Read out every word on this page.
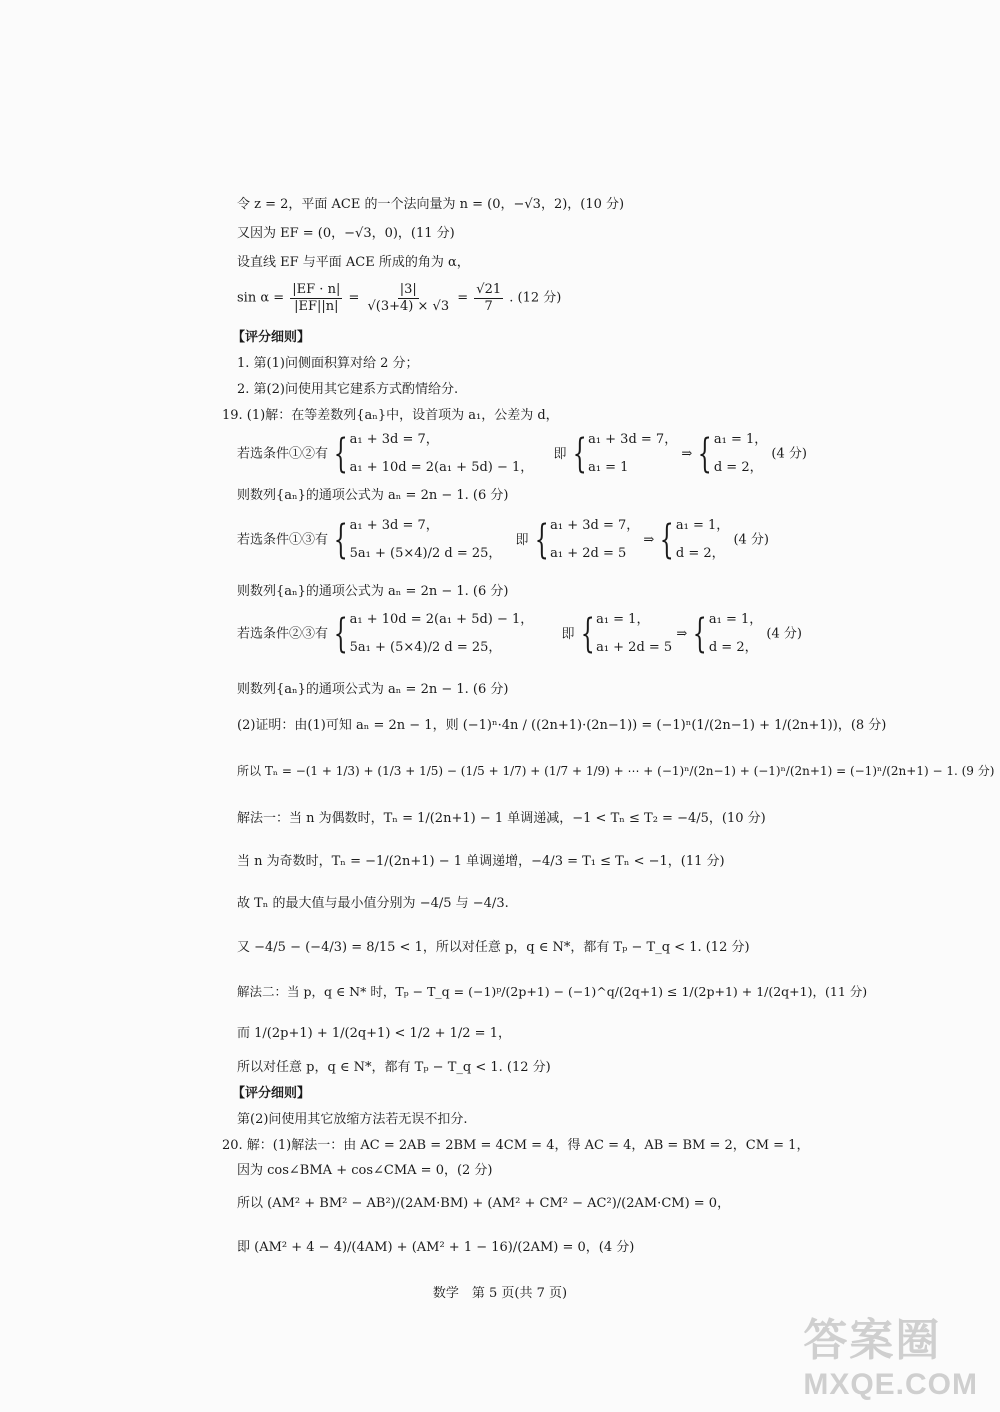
令 z = 2，平面 ACE 的一个法向量为 n = (0，−√3，2)，(10 分)
又因为 EF = (0，−√3，0)，(11 分)
设直线 EF 与平面 ACE 所成的角为 α，
$\sin \alpha = \frac{|EF \cdot n|}{|EF||n|} = \frac{|3|}{√(3+4) \times √3} = \frac{√21}{7}$ . (12 分)
【评分细则】
1. 第(1)问侧面积算对给 2 分；
2. 第(2)问使用其它建系方式酌情给分.
19. (1)解：在等差数列{aₙ}中，设首项为 a₁，公差为 d，
若选条件①②有 { a₁ + 3d = 7，
a₁ + 10d = 2(a₁ + 5d) − 1，
即 { a₁ + 3d = 7，
a₁ = 1
⇒ { a₁ = 1，
d = 2，
(4 分)
则数列{aₙ}的通项公式为 aₙ = 2n − 1. (6 分)
若选条件①③有 { a₁ + 3d = 7，
5a₁ + (5×4)/2 d = 25，
即 { a₁ + 3d = 7，
a₁ + 2d = 5
⇒ { a₁ = 1，
d = 2，
(4 分)
则数列{aₙ}的通项公式为 aₙ = 2n − 1. (6 分)
若选条件②③有 { a₁ + 10d = 2(a₁ + 5d) − 1，
5a₁ + (5×4)/2 d = 25，
即 { a₁ = 1，
a₁ + 2d = 5
⇒ { a₁ = 1，
d = 2，
(4 分)
则数列{aₙ}的通项公式为 aₙ = 2n − 1. (6 分)
(2)证明：由(1)可知 aₙ = 2n − 1，则 (−1)ⁿ·4n / ((2n+1)·(2n−1)) = (−1)ⁿ(1/(2n−1) + 1/(2n+1))，(8 分)
所以 Tₙ = −(1 + 1/3) + (1/3 + 1/5) − (1/5 + 1/7) + (1/7 + 1/9) + ⋯ + (−1)ⁿ/(2n−1) + (−1)ⁿ/(2n+1) = (−1)ⁿ/(2n+1) − 1. (9 分)
解法一：当 n 为偶数时，Tₙ = 1/(2n+1) − 1 单调递减，−1 < Tₙ ≤ T₂ = −4/5，(10 分)
当 n 为奇数时，Tₙ = −1/(2n+1) − 1 单调递增，−4/3 = T₁ ≤ Tₙ < −1，(11 分)
故 Tₙ 的最大值与最小值分别为 −4/5 与 −4/3.
又 −4/5 − (−4/3) = 8/15 < 1，所以对任意 p，q ∈ N*，都有 Tₚ − T_q < 1. (12 分)
解法二：当 p，q ∈ N* 时，Tₚ − T_q = (−1)ᵖ/(2p+1) − (−1)^q/(2q+1) ≤ 1/(2p+1) + 1/(2q+1)，(11 分)
而 1/(2p+1) + 1/(2q+1) < 1/2 + 1/2 = 1，
所以对任意 p，q ∈ N*，都有 Tₚ − T_q < 1. (12 分)
【评分细则】
第(2)问使用其它放缩方法若无误不扣分.
20. 解：(1)解法一：由 AC = 2AB = 2BM = 4CM = 4，得 AC = 4，AB = BM = 2，CM = 1，
因为 cos∠BMA + cos∠CMA = 0，(2 分)
所以 (AM² + BM² − AB²)/(2AM·BM) + (AM² + CM² − AC²)/(2AM·CM) = 0，
即 (AM² + 4 − 4)/(4AM) + (AM² + 1 − 16)/(2AM) = 0，(4 分)
数学　第 5 页(共 7 页)
答案圈
MXQE.COM
